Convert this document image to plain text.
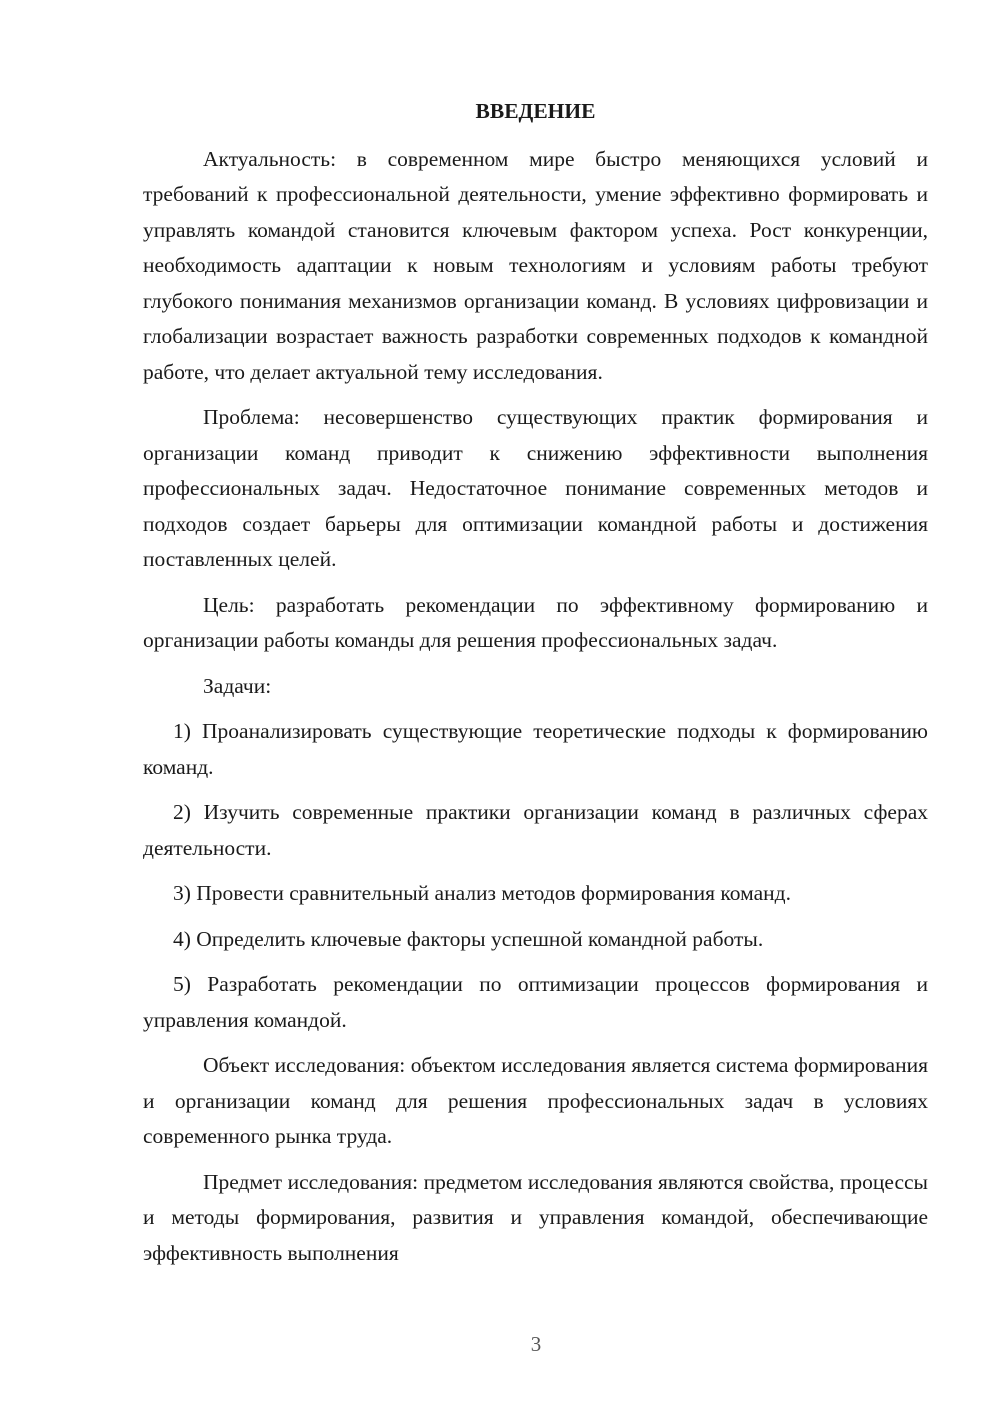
ВВЕДЕНИЕ

Актуальность: в современном мире быстро меняющихся условий и требований к профессиональной деятельности, умение эффективно формировать и управлять командой становится ключевым фактором успеха. Рост конкуренции, необходимость адаптации к новым технологиям и условиям работы требуют глубокого понимания механизмов организации команд. В условиях цифровизации и глобализации возрастает важность разработки современных подходов к командной работе, что делает актуальной тему исследования.

Проблема: несовершенство существующих практик формирования и организации команд приводит к снижению эффективности выполнения профессиональных задач. Недостаточное понимание современных методов и подходов создает барьеры для оптимизации командной работы и достижения поставленных целей.

Цель: разработать рекомендации по эффективному формированию и организации работы команды для решения профессиональных задач.

Задачи:

1) Проанализировать существующие теоретические подходы к формированию команд.

2) Изучить современные практики организации команд в различных сферах деятельности.

3) Провести сравнительный анализ методов формирования команд.

4) Определить ключевые факторы успешной командной работы.

5) Разработать рекомендации по оптимизации процессов формирования и управления командой.

Объект исследования: объектом исследования является система формирования и организации команд для решения профессиональных задач в условиях современного рынка труда.

Предмет исследования: предметом исследования являются свойства, процессы и методы формирования, развития и управления командой, обеспечивающие эффективность выполнения

3
